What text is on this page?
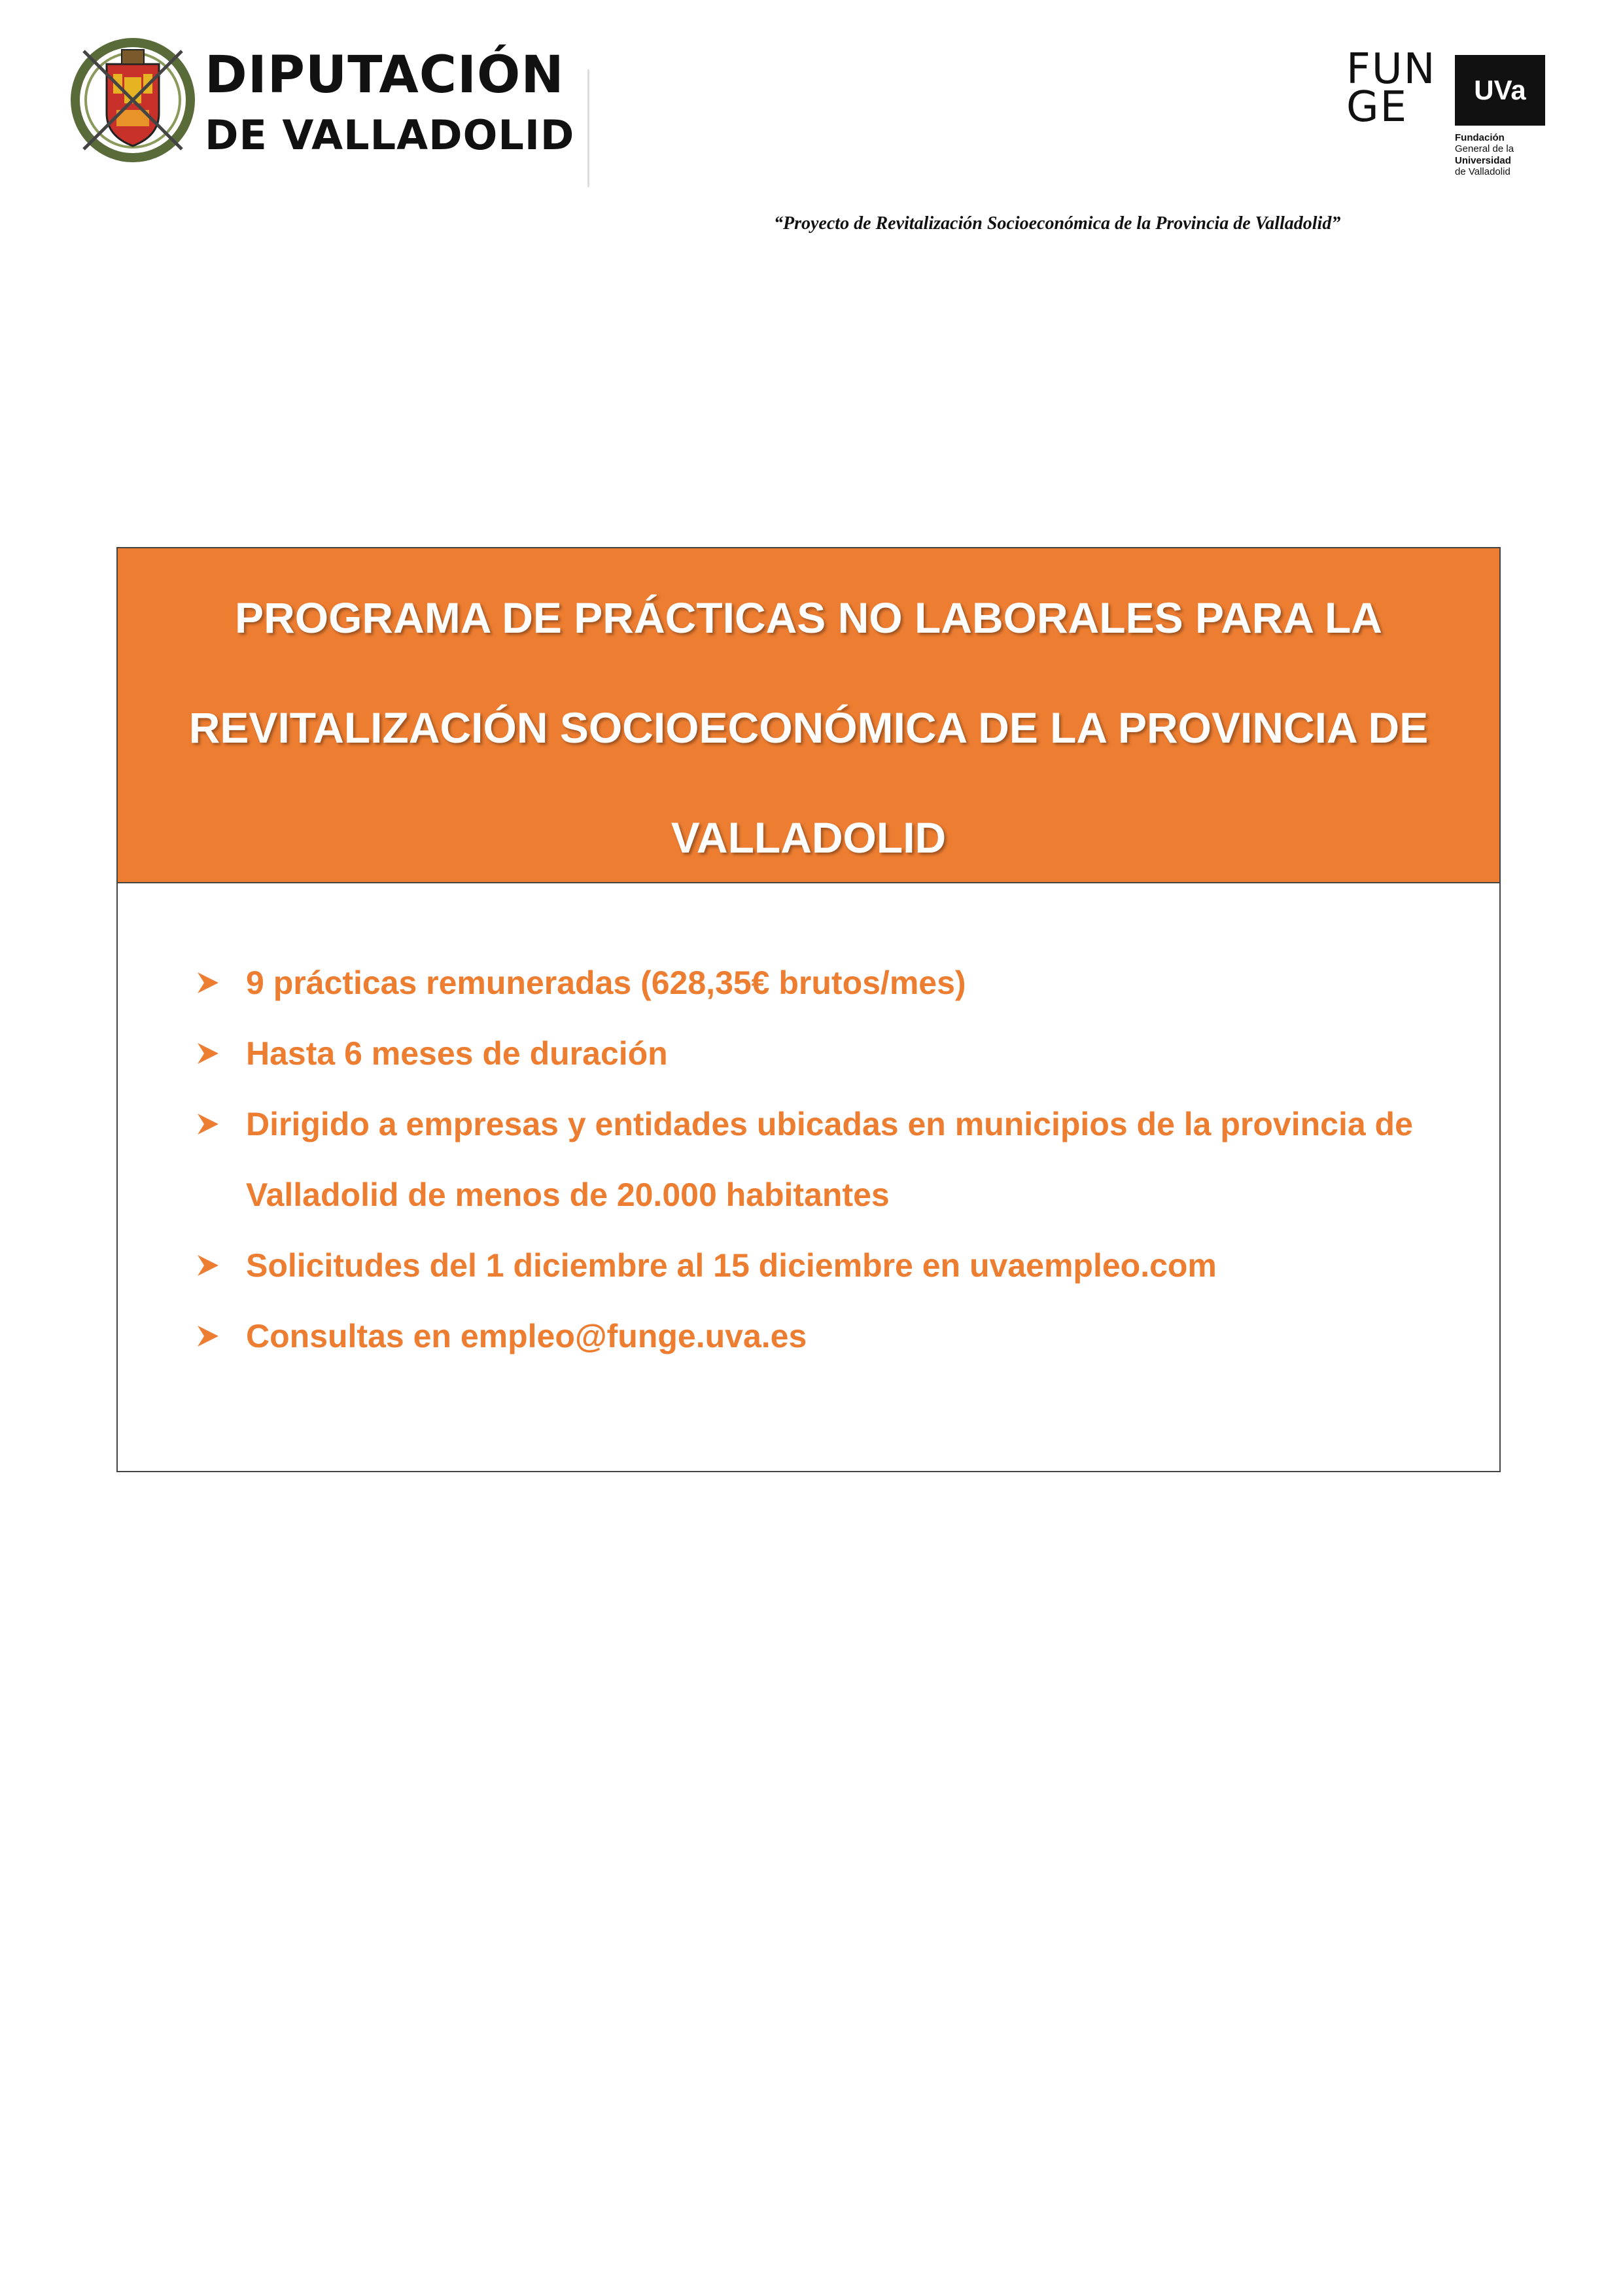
DIPUTACIÓN
DE VALLADOLID
FUN
GE	UVa
Fundación
General de la
Universidad
de Valladolid
“Proyecto de Revitalización Socioeconómica de la Provincia de Valladolid”
PROGRAMA DE PRÁCTICAS NO LABORALES PARA LA
REVITALIZACIÓN SOCIOECONÓMICA DE LA PROVINCIA DE
VALLADOLID
9 prácticas remuneradas (628,35€ brutos/mes)
Hasta 6 meses de duración
Dirigido a empresas y entidades ubicadas en municipios de la provincia de
Valladolid de menos de 20.000 habitantes
Solicitudes del 1 diciembre al 15 diciembre en uvaempleo.com
Consultas en empleo@funge.uva.es
